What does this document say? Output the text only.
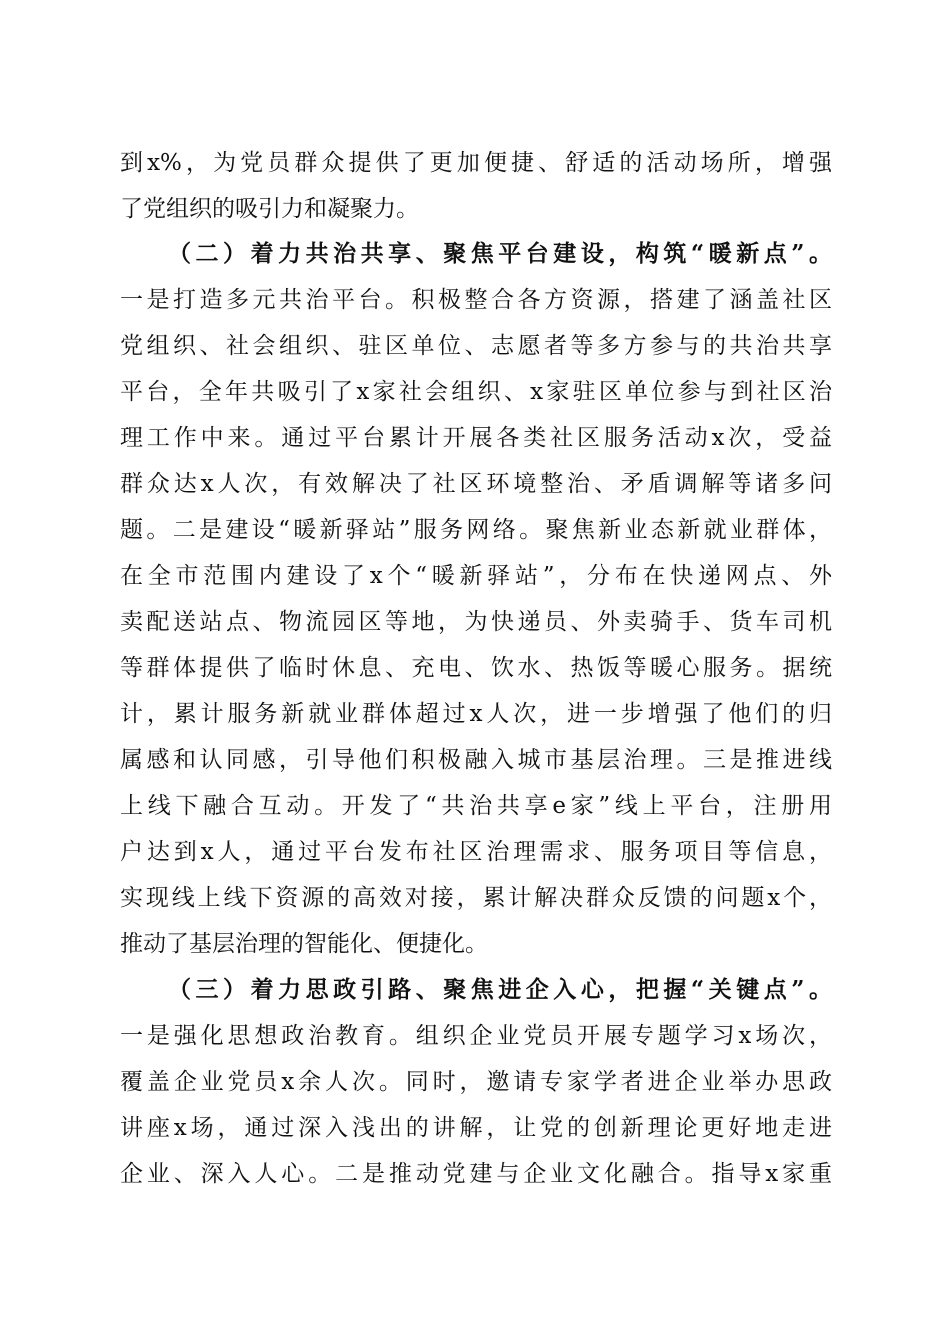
到x%，为党员群众提供了更加便捷、舒适的活动场所，增强
了党组织的吸引力和凝聚力。
（二）着力共治共享、聚焦平台建设，构筑“暖新点”。
一是打造多元共治平台。积极整合各方资源，搭建了涵盖社区
党组织、社会组织、驻区单位、志愿者等多方参与的共治共享
平台，全年共吸引了x家社会组织、x家驻区单位参与到社区治
理工作中来。通过平台累计开展各类社区服务活动x次，受益
群众达x人次，有效解决了社区环境整治、矛盾调解等诸多问
题。二是建设“暖新驿站”服务网络。聚焦新业态新就业群体，
在全市范围内建设了x个“暖新驿站”，分布在快递网点、外
卖配送站点、物流园区等地，为快递员、外卖骑手、货车司机
等群体提供了临时休息、充电、饮水、热饭等暖心服务。据统
计，累计服务新就业群体超过x人次，进一步增强了他们的归
属感和认同感，引导他们积极融入城市基层治理。三是推进线
上线下融合互动。开发了“共治共享e家”线上平台，注册用
户达到x人，通过平台发布社区治理需求、服务项目等信息，
实现线上线下资源的高效对接，累计解决群众反馈的问题x个，
推动了基层治理的智能化、便捷化。
（三）着力思政引路、聚焦进企入心，把握“关键点”。
一是强化思想政治教育。组织企业党员开展专题学习x场次，
覆盖企业党员x余人次。同时，邀请专家学者进企业举办思政
讲座x场，通过深入浅出的讲解，让党的创新理论更好地走进
企业、深入人心。二是推动党建与企业文化融合。指导x家重
